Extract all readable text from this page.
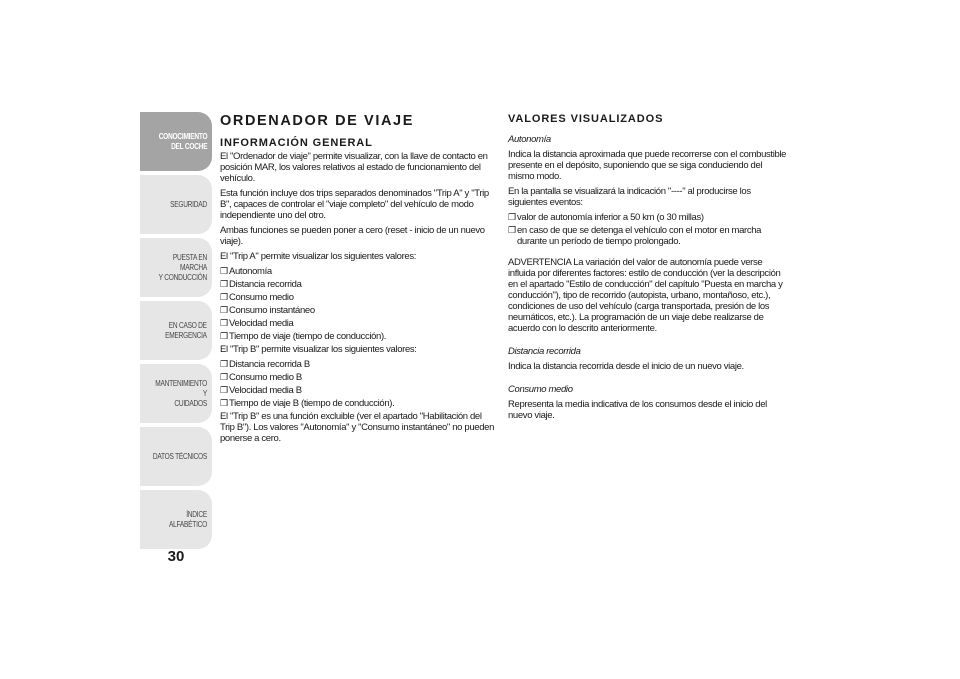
CONOCIMIENTO
DEL COCHE
SEGURIDAD
PUESTA EN MARCHA
Y CONDUCCIÓN
EN CASO DE
EMERGENCIA
MANTENIMIENTO Y
CUIDADOS
DATOS TÉCNICOS
ÍNDICE ALFABÉTICO
30
ORDENADOR DE VIAJE
INFORMACIÓN GENERAL

El "Ordenador de viaje" permite visualizar, con la llave de contacto en posición MAR, los valores relativos al estado de funcionamiento del vehículo.

Esta función incluye dos trips separados denominados "Trip A" y "Trip B", capaces de controlar el "viaje completo" del vehículo de modo independiente uno del otro.

Ambas funciones se pueden poner a cero (reset - inicio de un nuevo viaje).

El "Trip A" permite visualizar los siguientes valores:

❒ Autonomía
❒ Distancia recorrida
❒ Consumo medio
❒ Consumo instantáneo
❒ Velocidad media
❒ Tiempo de viaje (tiempo de conducción).

El "Trip B" permite visualizar los siguientes valores:

❒ Distancia recorrida B
❒ Consumo medio B
❒ Velocidad media B
❒ Tiempo de viaje B (tiempo de conducción).

El "Trip B" es una función excluible (ver el apartado "Habilitación del Trip B"). Los valores "Autonomía" y "Consumo instantáneo" no pueden ponerse a cero.

VALORES VISUALIZADOS

Autonomía

Indica la distancia aproximada que puede recorrerse con el combustible presente en el depósito, suponiendo que se siga conduciendo del mismo modo.

En la pantalla se visualizará la indicación "----" al producirse los siguientes eventos:

❒ valor de autonomía inferior a 50 km (o 30 millas)
❒ en caso de que se detenga el vehículo con el motor en marcha durante un período de tiempo prolongado.

ADVERTENCIA La variación del valor de autonomía puede verse influida por diferentes factores: estilo de conducción (ver la descripción en el apartado "Estilo de conducción" del capítulo "Puesta en marcha y conducción"), tipo de recorrido (autopista, urbano, montañoso, etc.), condiciones de uso del vehículo (carga transportada, presión de los neumáticos, etc.). La programación de un viaje debe realizarse de acuerdo con lo descrito anteriormente.

Distancia recorrida

Indica la distancia recorrida desde el inicio de un nuevo viaje.

Consumo medio

Representa la media indicativa de los consumos desde el inicio del nuevo viaje.
